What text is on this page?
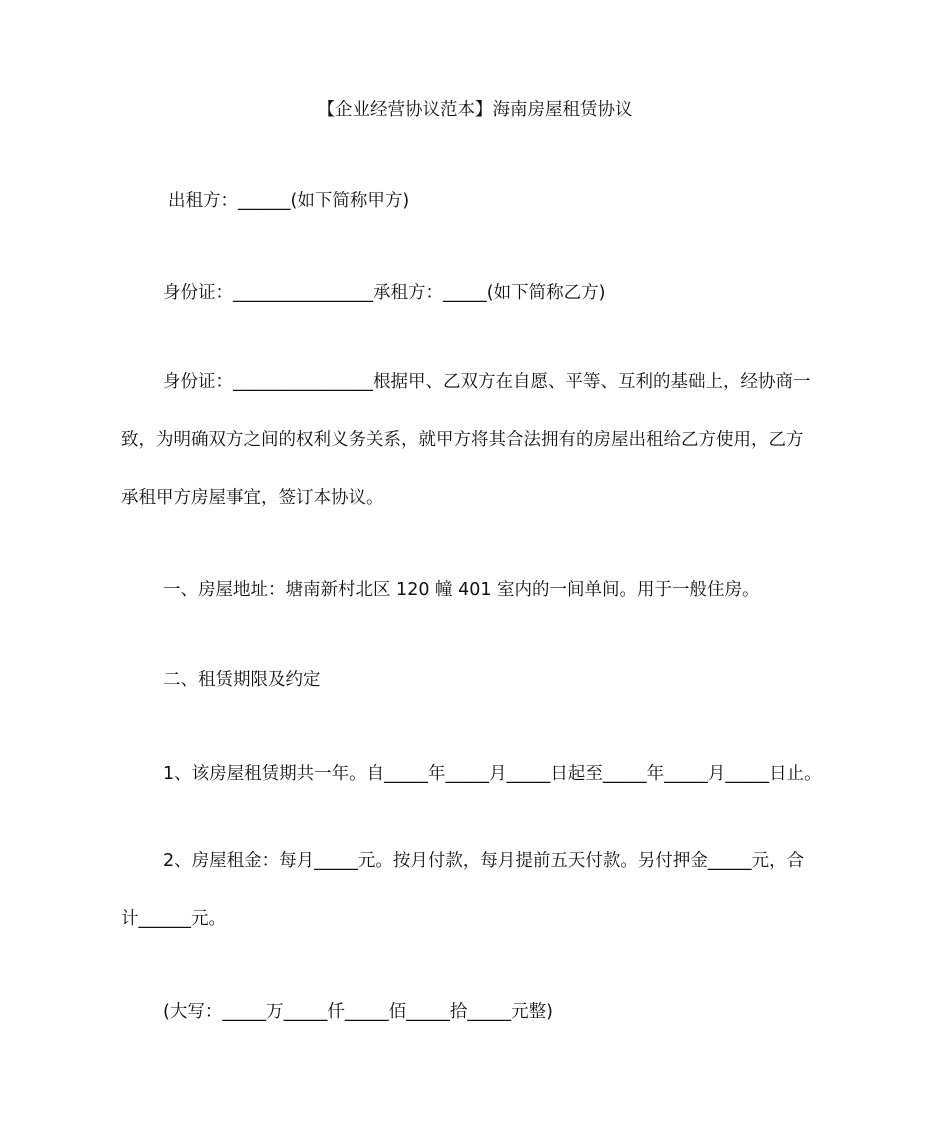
【企业经营协议范本】海南房屋租赁协议
出租方：______(如下简称甲方)
身份证：________________承租方：_____(如下简称乙方)
身份证：________________根据甲、乙双方在自愿、平等、互利的基础上，经协商一
致，为明确双方之间的权利义务关系，就甲方将其合法拥有的房屋出租给乙方使用，乙方
承租甲方房屋事宜，签订本协议。
一、房屋地址：塘南新村北区 120 幢 401 室内的一间单间。用于一般住房。
二、租赁期限及约定
1、该房屋租赁期共一年。自_____年_____月_____日起至_____年_____月_____日止。
2、房屋租金：每月_____元。按月付款，每月提前五天付款。另付押金_____元，合
计______元。
(大写：_____万_____仟_____佰_____拾_____元整)
